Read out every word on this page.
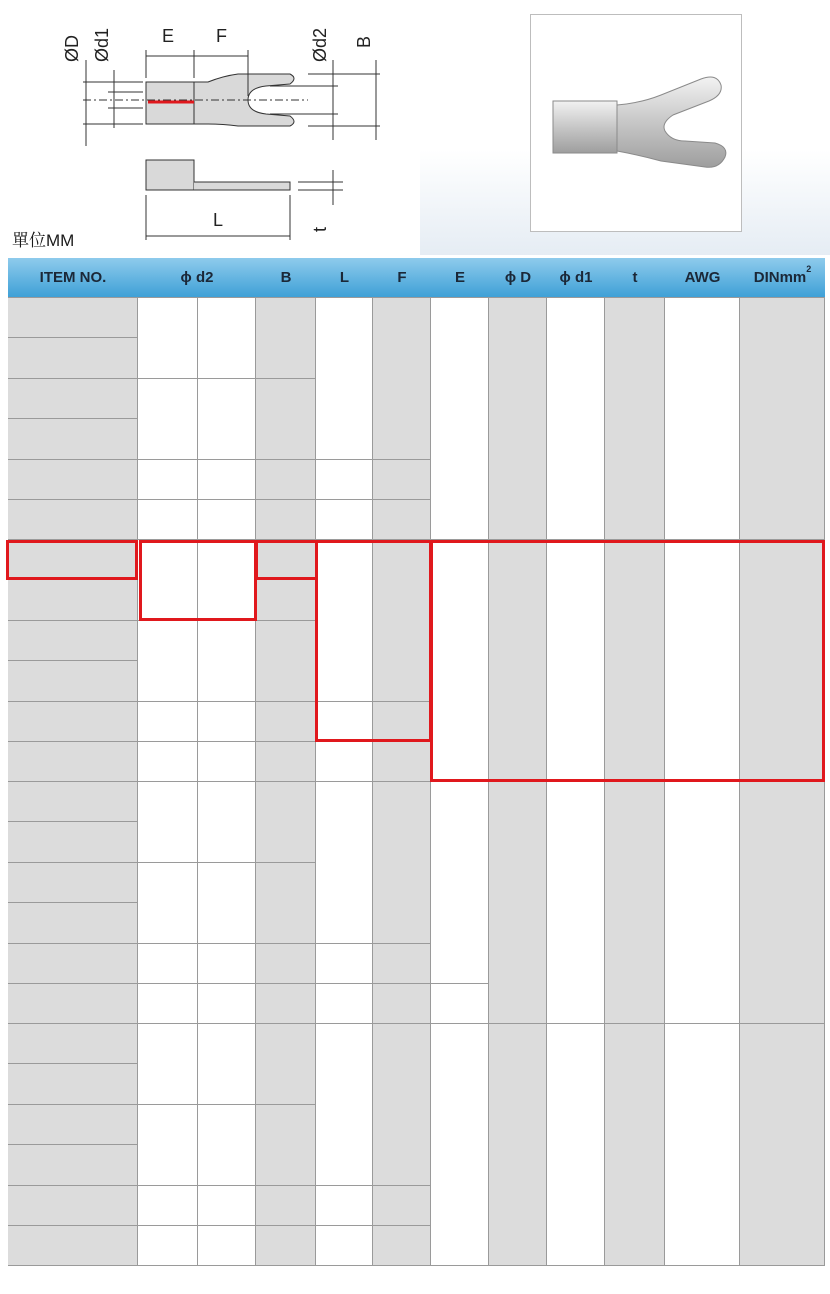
ØD Ød1	E F	Ød2 B
L	t
單位MM
ITEM NO.	ϕ d2	B	L	F	E	ϕ D	ϕ d1	t	AWG	DINmm$^2$
